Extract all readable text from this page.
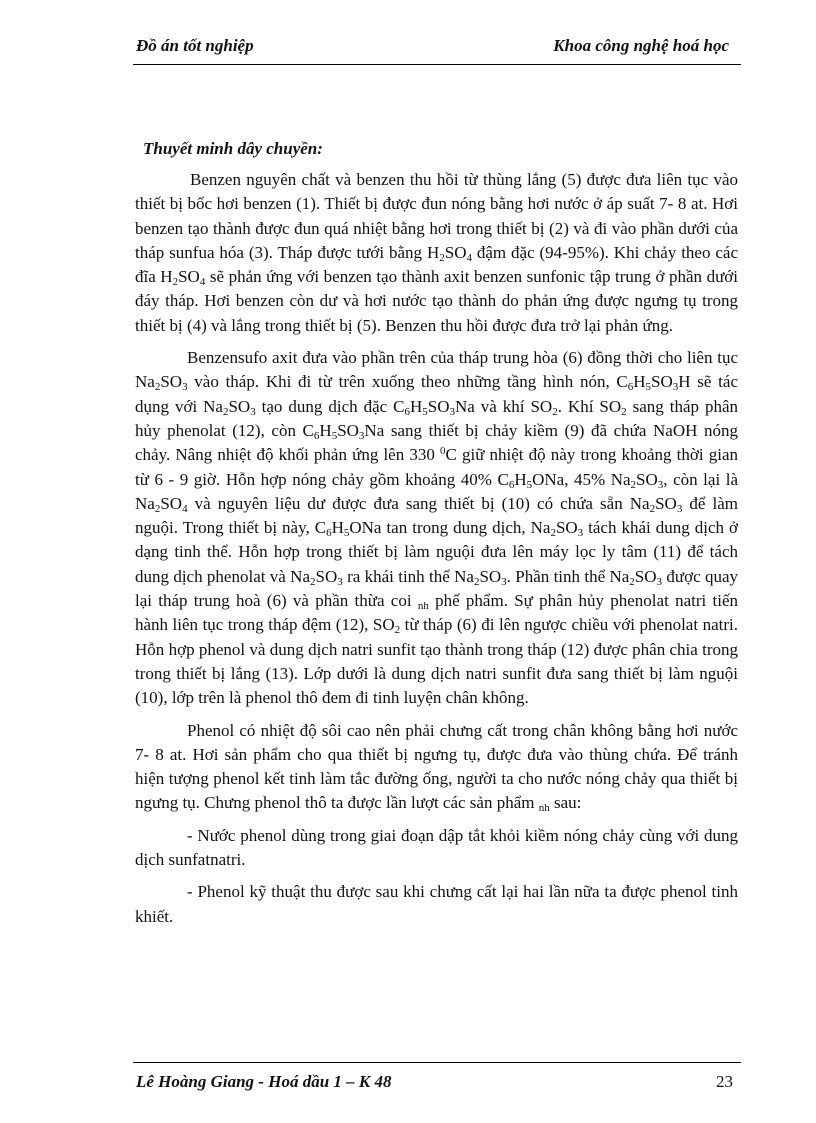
Đồ án tốt nghiệp	Khoa công nghệ hoá học
Thuyết minh dây chuyền:

Benzen nguyên chất và benzen thu hồi từ thùng lắng (5) được đưa liên tục vào thiết bị bốc hơi benzen (1). Thiết bị được đun nóng bằng hơi nước ở áp suất 7- 8 at. Hơi benzen tạo thành được đun quá nhiệt bằng hơi trong thiết bị (2) và đi vào phần dưới của tháp sunfua hóa (3). Tháp được tưới bằng $H_2SO_4$ đậm đặc (94-95%). Khi chảy theo các đĩa $H_2SO_4$ sẽ phản ứng với benzen tạo thành axit benzen sunfonic tập trung ở phần dưới đáy tháp. Hơi benzen còn dư và hơi nước tạo thành do phản ứng được ngưng tụ trong thiết bị (4) và lắng trong thiết bị (5). Benzen thu hồi được đưa trở lại phản ứng.

Benzensufo axit đưa vào phần trên của tháp trung hòa (6) đồng thời cho liên tục $Na_2SO_3$ vào tháp. Khi đi từ trên xuống theo những tầng hình nón, $C_6H_5SO_3H$ sẽ tác dụng với $Na_2SO_3$ tạo dung dịch đặc $C_6H_5SO_3Na$ và khí $SO_2$. Khí $SO_2$ sang tháp phân hủy phenolat (12), còn $C_6H_5SO_3Na$ sang thiết bị chảy kiềm (9) đã chứa NaOH nóng chảy. Nâng nhiệt độ khối phản ứng lên 330 $^0$C giữ nhiệt độ này trong khoảng thời gian từ 6 - 9 giờ. Hỗn hợp nóng chảy gồm khoảng 40% $C_6H_5ONa$, 45% $Na_2SO_3$, còn lại là $Na_2SO_4$ và nguyên liệu dư được đưa sang thiết bị (10) có chứa sẵn $Na_2SO_3$ để làm nguội. Trong thiết bị này, $C_6H_5ONa$ tan trong dung dịch, $Na_2SO_3$ tách khái dung dịch ở dạng tinh thể. Hỗn hợp trong thiết bị làm nguội đưa lên máy lọc ly tâm (11) để tách dung dịch phenolat và $Na_2SO_3$ ra khái tinh thể $Na_2SO_3$. Phần tinh thể $Na_2SO_3$ được quay lại tháp trung hoà (6) và phần thừa coi $_{nh}$ phế phẩm. Sự phân hủy phenolat natri tiến hành liên tục trong tháp đệm (12), $SO_2$ từ tháp (6) đi lên ngược chiều với phenolat natri. Hỗn hợp phenol và dung dịch natri sunfit tạo thành trong tháp (12) được phân chia trong trong thiết bị lắng (13). Lớp dưới là dung dịch natri sunfit đưa sang thiết bị làm nguội (10), lớp trên là phenol thô đem đi tinh luyện chân không.

Phenol có nhiệt độ sôi cao nên phải chưng cất trong chân không bằng hơi nước 7- 8 at. Hơi sản phẩm cho qua thiết bị ngưng tụ, được đưa vào thùng chứa. Để tránh hiện tượng phenol kết tinh làm tắc đường ống, người ta cho nước nóng chảy qua thiết bị ngưng tụ. Chưng phenol thô ta được lần lượt các sản phẩm $_{nh}$ sau:

- Nước phenol dùng trong giai đoạn dập tắt khỏi kiềm nóng chảy cùng với dung dịch sunfatnatri.

- Phenol kỹ thuật thu được sau khi chưng cất lại hai lần nữa ta được phenol tinh khiết.

Lê Hoàng Giang - Hoá dầu 1 – K 48	23
